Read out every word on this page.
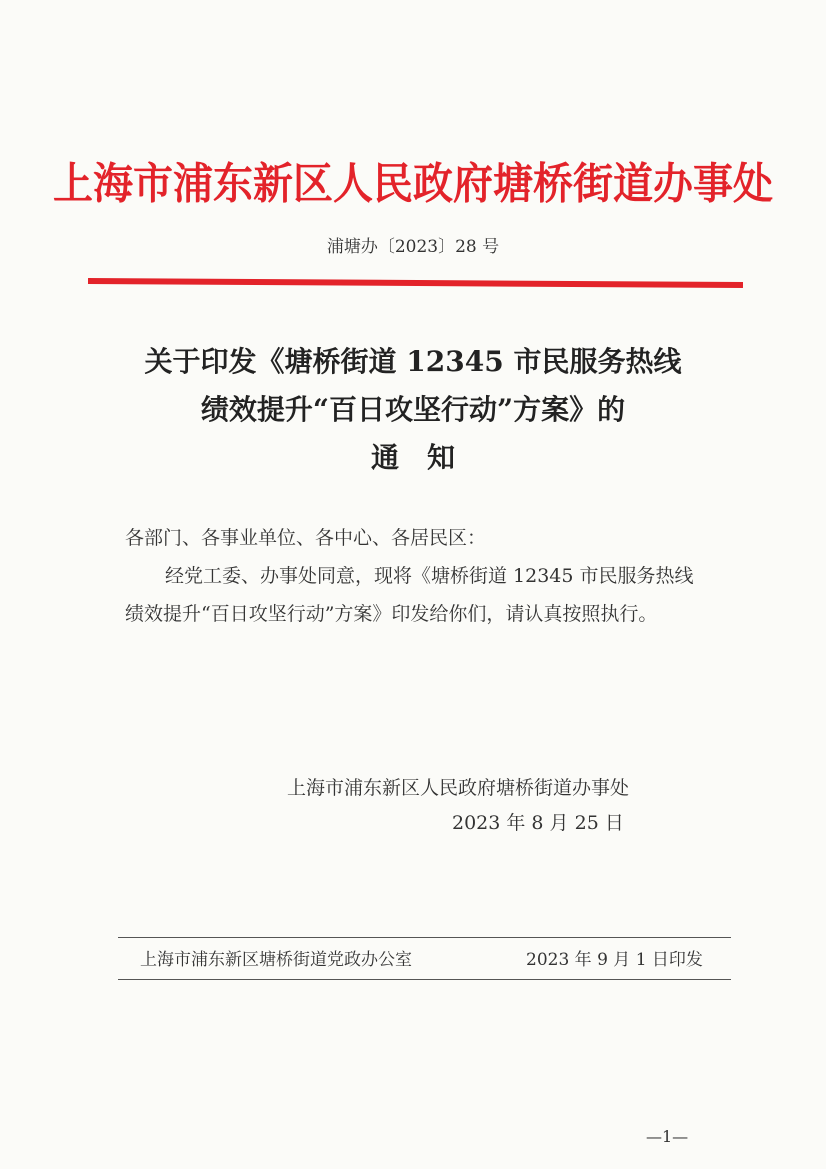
上海市浦东新区人民政府塘桥街道办事处
浦塘办〔2023〕28 号
关于印发《塘桥街道 12345 市民服务热线
绩效提升“百日攻坚行动”方案》的
通知
各部门、各事业单位、各中心、各居民区：
经党工委、办事处同意，现将《塘桥街道 12345 市民服务热线绩效提升“百日攻坚行动”方案》印发给你们，请认真按照执行。
上海市浦东新区人民政府塘桥街道办事处
2023 年 8 月 25 日
上海市浦东新区塘桥街道党政办公室	2023 年 9 月 1 日印发
—1—
